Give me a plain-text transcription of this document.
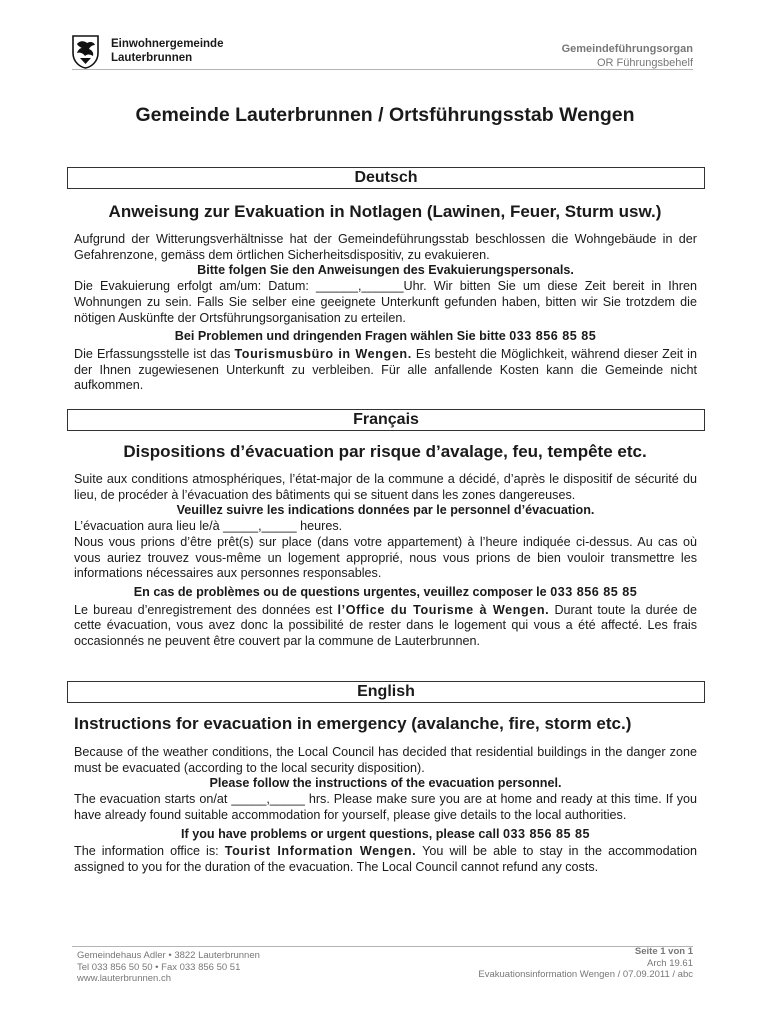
Einwohnergemeinde
Lauterbrunnen
Gemeindeführungsorgan
OR Führungsbehelf
Gemeinde Lauterbrunnen / Ortsführungsstab Wengen
Deutsch
Anweisung zur Evakuation in Notlagen (Lawinen, Feuer, Sturm usw.)

Aufgrund der Witterungsverhältnisse hat der Gemeindeführungsstab beschlossen die Wohngebäude in der Gefahrenzone, gemäss dem örtlichen Sicherheitsdispositiv, zu evakuieren.

Bitte folgen Sie den Anweisungen des Evakuierungspersonals.

Die Evakuierung erfolgt am/um: Datum: ______,______Uhr. Wir bitten Sie um diese Zeit bereit in Ihren Wohnungen zu sein. Falls Sie selber eine geeignete Unterkunft gefunden haben, bitten wir Sie trotzdem die nötigen Auskünfte der Ortsführungsorganisation zu erteilen.

Bei Problemen und dringenden Fragen wählen Sie bitte 033 856 85 85

Die Erfassungsstelle ist das Tourismusbüro in Wengen. Es besteht die Möglichkeit, während dieser Zeit in der Ihnen zugewiesenen Unterkunft zu verbleiben. Für alle anfallende Kosten kann die Gemeinde nicht aufkommen.

Français
Dispositions d’évacuation par risque d’avalage, feu, tempête etc.

Suite aux conditions atmosphériques, l’état-major de la commune a décidé, d’après le dispositif de sécurité du lieu, de procéder à l’évacuation des bâtiments qui se situent dans les zones dangereuses.

Veuillez suivre les indications données par le personnel d’évacuation.

L’évacuation aura lieu le/à _____,_____ heures.

Nous vous prions d’être prêt(s) sur place (dans votre appartement) à l’heure indiquée ci-dessus. Au cas où vous auriez trouvez vous-même un logement approprié, nous vous prions de bien vouloir transmettre les informations nécessaires aux personnes responsables.

En cas de problèmes ou de questions urgentes, veuillez composer le 033 856 85 85

Le bureau d’enregistrement des données est l’Office du Tourisme à Wengen. Durant toute la durée de cette évacuation, vous avez donc la possibilité de rester dans le logement qui vous a été affecté. Les frais occasionnés ne peuvent être couvert par la commune de Lauterbrunnen.

English
Instructions for evacuation in emergency (avalanche, fire, storm etc.)

Because of the weather conditions, the Local Council has decided that residential buildings in the danger zone must be evacuated (according to the local security disposition).

Please follow the instructions of the evacuation personnel.

The evacuation starts on/at _____,_____ hrs. Please make sure you are at home and ready at this time. If you have already found suitable accommodation for yourself, please give details to the local authorities.

If you have problems or urgent questions, please call 033 856 85 85

The information office is: Tourist Information Wengen. You will be able to stay in the accommodation assigned to you for the duration of the evacuation. The Local Council cannot refund any costs.

Gemeindehaus Adler • 3822 Lauterbrunnen
Tel 033 856 50 50 • Fax 033 856 50 51
www.lauterbrunnen.ch
Seite 1 von 1
Arch 19.61
Evakuationsinformation Wengen / 07.09.2011 / abc
